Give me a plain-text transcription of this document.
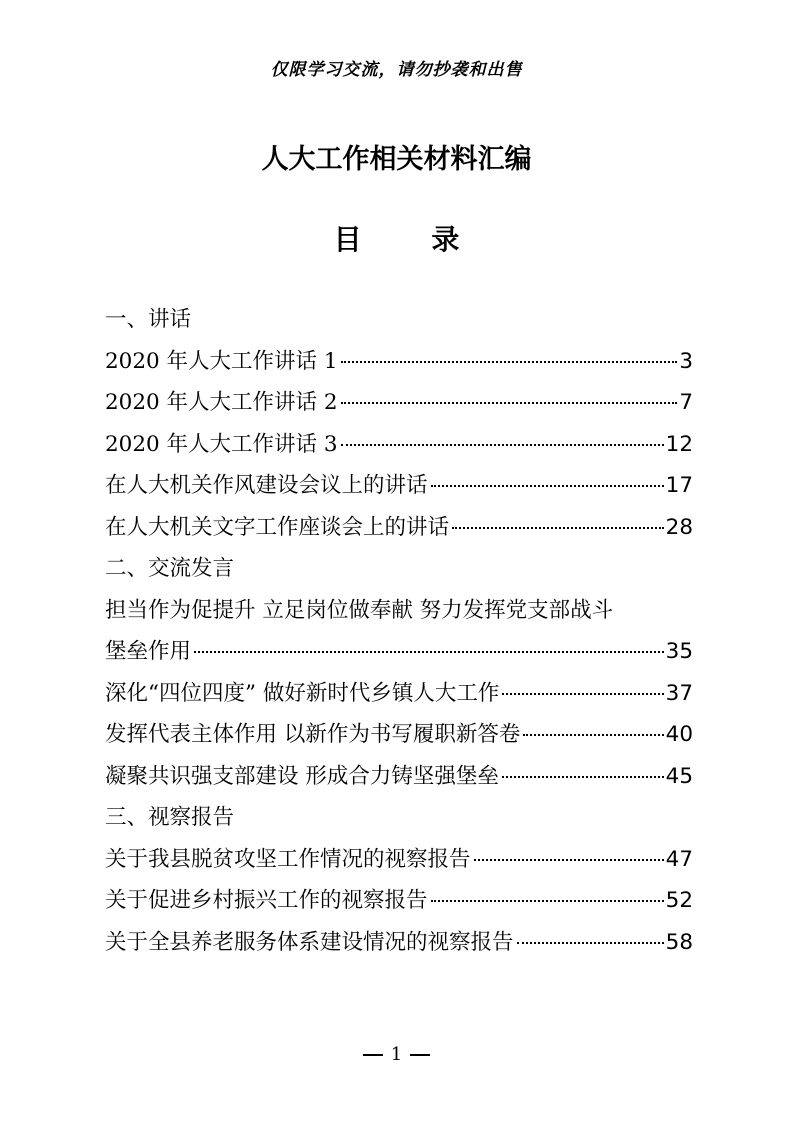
仅限学习交流，请勿抄袭和出售
人大工作相关材料汇编
目 录
一、讲话
2020 年人大工作讲话 1	3
2020 年人大工作讲话 2	7
2020 年人大工作讲话 3	12
在人大机关作风建设会议上的讲话	17
在人大机关文字工作座谈会上的讲话	28
二、交流发言
担当作为促提升 立足岗位做奉献 努力发挥党支部战斗
堡垒作用	35
深化“四位四度” 做好新时代乡镇人大工作	37
发挥代表主体作用 以新作为书写履职新答卷	40
凝聚共识强支部建设 形成合力铸坚强堡垒	45
三、视察报告
关于我县脱贫攻坚工作情况的视察报告	47
关于促进乡村振兴工作的视察报告	52
关于全县养老服务体系建设情况的视察报告	58
1
